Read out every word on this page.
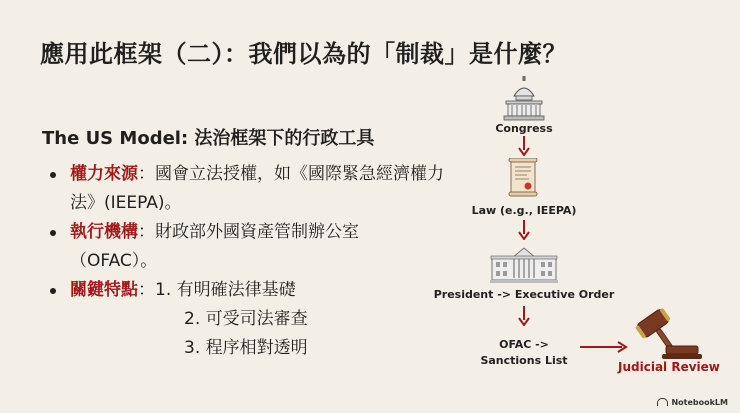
應用此框架（二）：我們以為的「制裁」是什麼？
The US Model: 法治框架下的行政工具
權力來源：國會立法授權，如《國際緊急經濟權力法》(IEEPA)。
執行機構：財政部外國資產管制辦公室（OFAC）。
關鍵特點：1. 有明確法律基礎
2. 可受司法審查
3. 程序相對透明
Congress
Law (e.g., IEEPA)
President -> Executive Order
OFAC ->
Sanctions List	Judicial Review
NotebookLM
